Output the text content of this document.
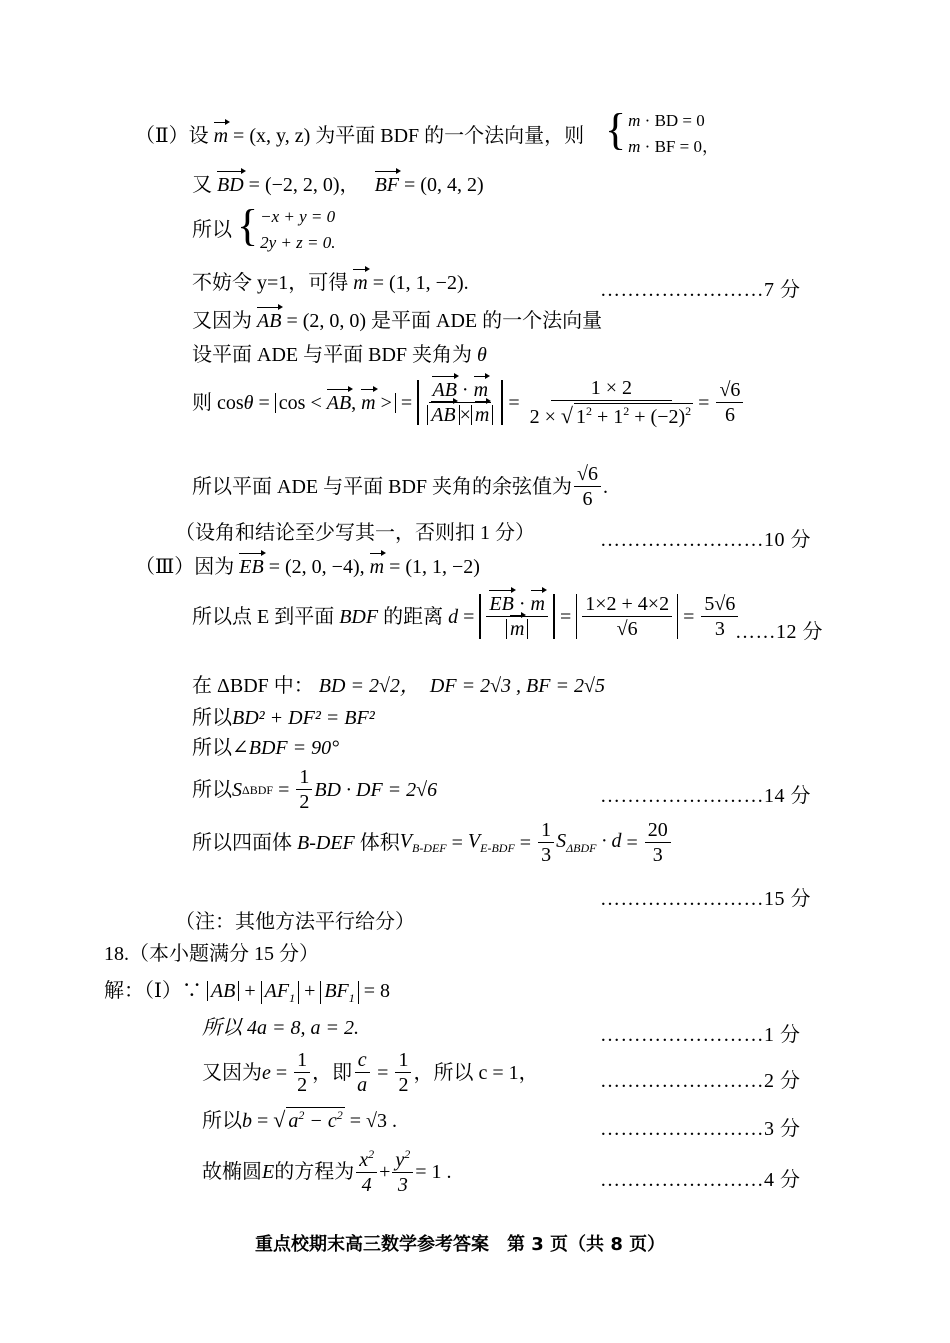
（Ⅱ）设 m = (x, y, z) 为平面 BDF 的一个法向量，则 { m · BD = 0
m · BF = 0，
又 BD = (−2, 2, 0)， BF = (0, 4, 2)
所以 { −x + y = 0
2y + z = 0.
不妨令 y=1，可得 m = (1, 1, −2).	……………………7 分
又因为 AB = (2, 0, 0) 是平面 ADE 的一个法向量
设平面 ADE 与平面 BDF 夹角为 θ
则 cos θ = cos < AB, m > = $\frac{AB \cdot m}{AB \times m} = \frac{1 \times 2}{2 \times √ 1^2 + 1^2 + (-2)^2} = \frac{√6}{6}$
所以平面 ADE 与平面 BDF 夹角的余弦值为 $\frac{√6}{6}$ .
（设角和结论至少写其一，否则扣 1 分）	……………………10 分
（Ⅲ）因为 EB = (2, 0, −4), m = (1, 1, −2)
所以点 E 到平面
BDF
的距离
$d = \frac{EB \cdot m}{m} = \frac{1\times 2 + 4\times 2}{√6} = \frac{5√6}{3}$
……12 分
在 ΔBDF 中： BD = 2√2， DF = 2√3 , BF = 2√5
所以BD² + DF² = BF²
所以∠BDF = 90°
所以 S $\Delta BDF = \frac{1}{2}$ BD · DF = 2√6	……………………14 分
所以四面体
B-DEF
体积 $V_{B-DEF} = V_{E-BDF} = \frac{1}{3} S_{\Delta BDF} \cdot d = \frac{20}{3}$
……………………15 分
（注：其他方法平行给分）
18.（本小题满分 15 分）
解：（Ⅰ）∵ AB + $AF_1 + BF_1 = 8$
所以 4a = 8, a = 2.	……………………1 分
又因为 $e = \frac{1}{2}$ ，即 $\frac{c}{a} = \frac{1}{2}$ ，所以 c = 1，	……………………2 分
所以b = √ $a^2 - c^2 = √3$ .	……………………3 分
故椭圆 E 的方程为 $\frac{x^2}{4} + \frac{y^2}{3} = 1$ .	……………………4 分
重点校期末高三数学参考答案　第 3 页（共 8 页）
